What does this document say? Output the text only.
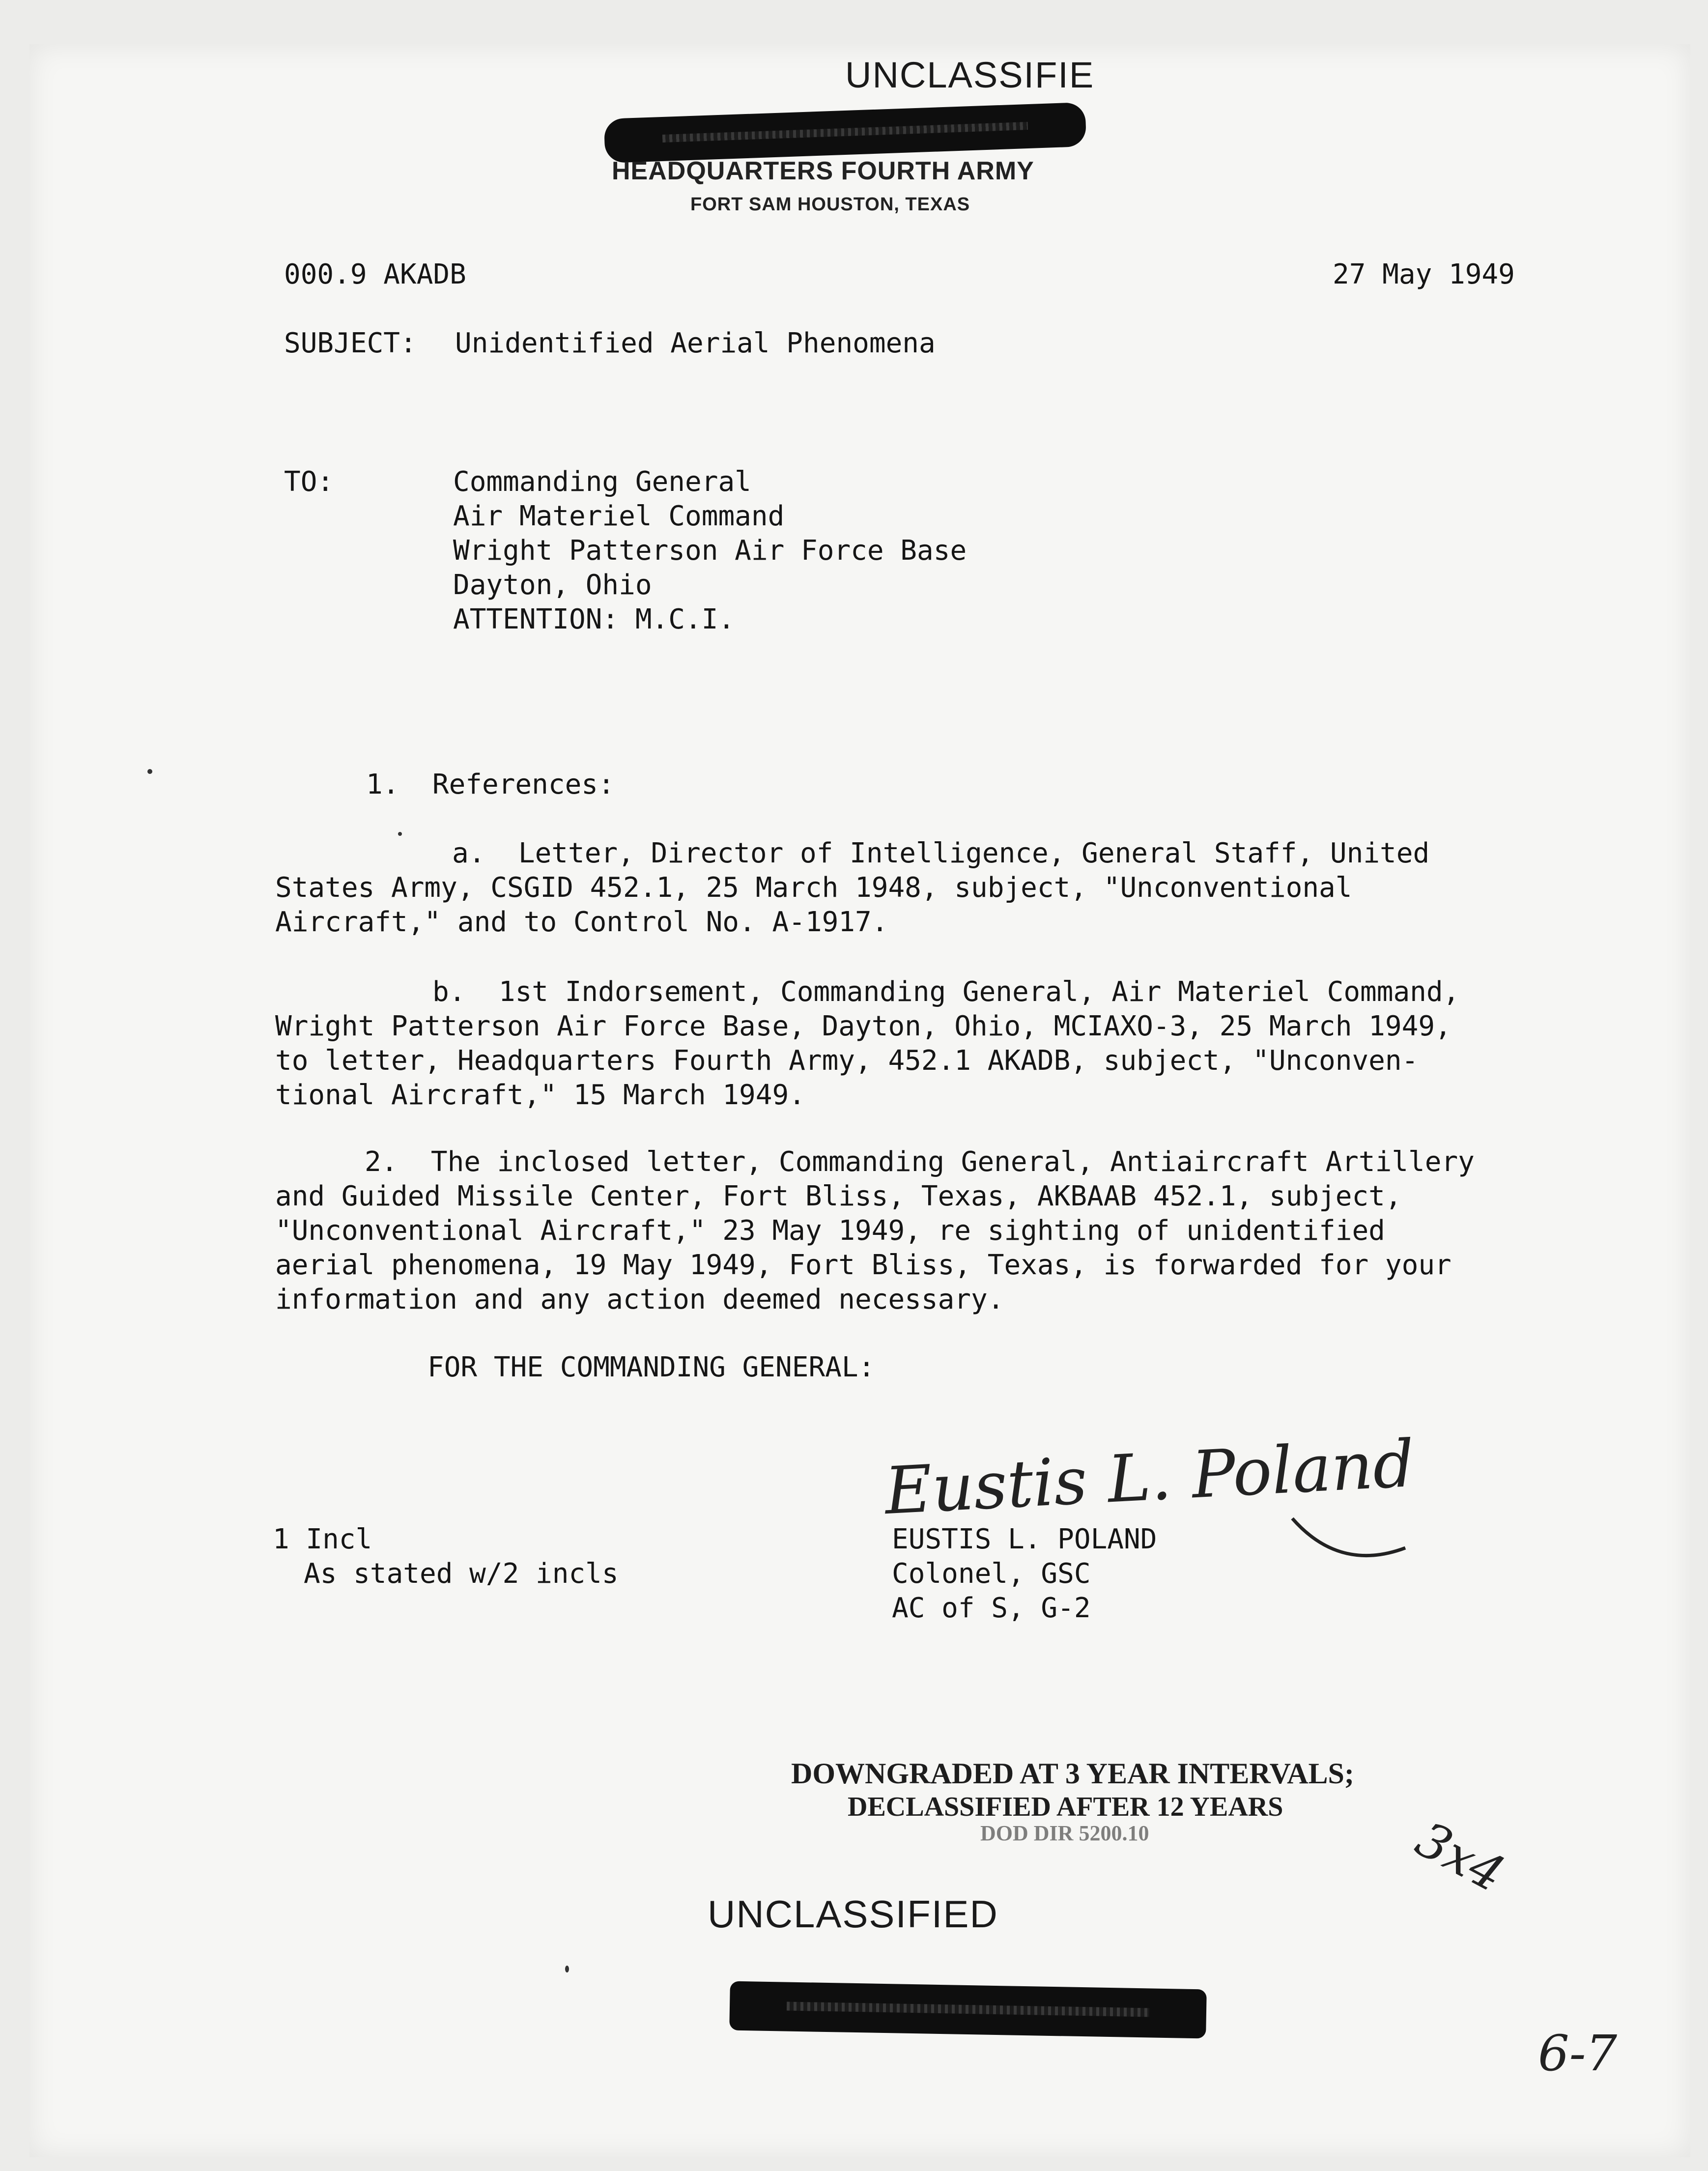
UNCLASSIFIE
HEADQUARTERS FOURTH ARMY
FORT SAM HOUSTON, TEXAS
000.9 AKADB	27 May 1949
SUBJECT: Unidentified Aerial Phenomena
TO:	Commanding General
Air Materiel Command
Wright Patterson Air Force Base
Dayton, Ohio
ATTENTION: M.C.I.
1.  References:
a.  Letter, Director of Intelligence, General Staff, United
States Army, CSGID 452.1, 25 March 1948, subject, "Unconventional
Aircraft," and to Control No. A-1917.
b.  1st Indorsement, Commanding General, Air Materiel Command,
Wright Patterson Air Force Base, Dayton, Ohio, MCIAXO-3, 25 March 1949,
to letter, Headquarters Fourth Army, 452.1 AKADB, subject, "Unconven-
tional Aircraft," 15 March 1949.
2.  The inclosed letter, Commanding General, Antiaircraft Artillery
and Guided Missile Center, Fort Bliss, Texas, AKBAAB 452.1, subject,
"Unconventional Aircraft," 23 May 1949, re sighting of unidentified
aerial phenomena, 19 May 1949, Fort Bliss, Texas, is forwarded for your
information and any action deemed necessary.
FOR THE COMMANDING GENERAL:
Eustis L. Poland
1 Incl
As stated w/2 incls
EUSTIS L. POLAND
Colonel, GSC
AC of S, G-2
DOWNGRADED AT 3 YEAR INTERVALS;
DECLASSIFIED AFTER 12 YEARS
DOD DIR 5200.10	3x4
UNCLASSIFIED
6-7
